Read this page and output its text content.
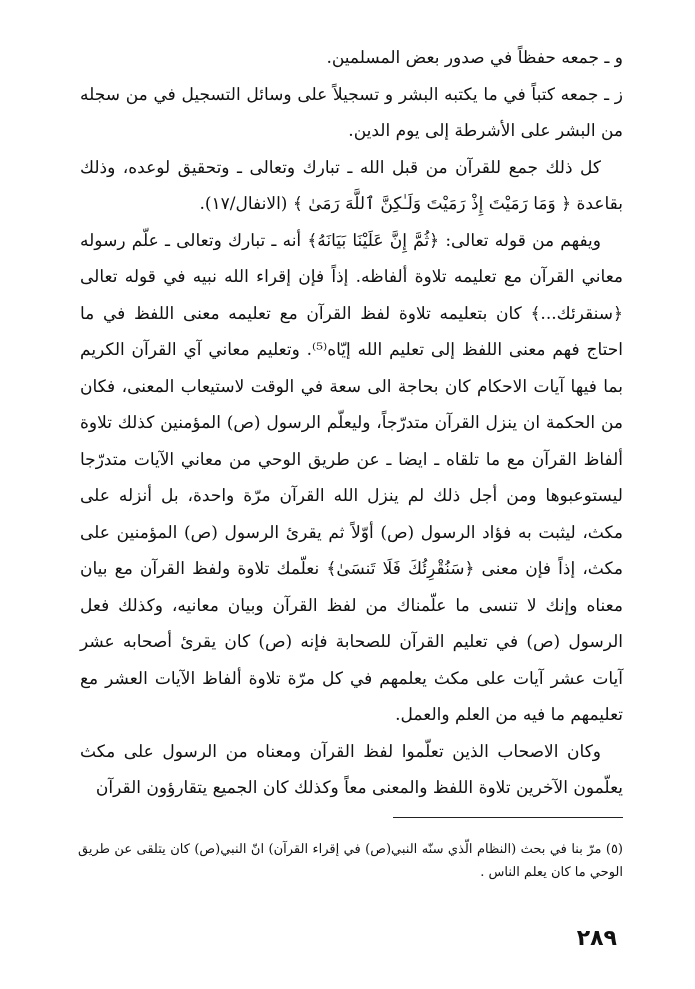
و ـ جمعه حفظاً في صدور بعض المسلمين.

ز ـ جمعه كتباً في ما يكتبه البشر و تسجيلاً على وسائل التسجيل في من سجله من البشر على الأشرطة إلى يوم الدين.

كل ذلك جمع للقرآن من قبل الله ـ تبارك وتعالى ـ وتحقيق لوعده، وذلك بقاعدة ﴿ وَمَا رَمَيْتَ إِذْ رَمَيْتَ وَلَـٰكِنَّ ٱللَّهَ رَمَىٰ ﴾ (الانفال/١٧).

ويفهم من قوله تعالى: ﴿ثُمَّ إِنَّ عَلَيْنَا بَيَانَهُ﴾ أنه ـ تبارك وتعالى ـ علّم رسوله معاني القرآن مع تعليمه تلاوة ألفاظه. إذاً فإن إقراء الله نبيه في قوله تعالى ﴿سنقرئك...﴾ كان بتعليمه تلاوة لفظ القرآن مع تعليمه معنى اللفظ في ما احتاج فهم معنى اللفظ إلى تعليم الله إيّاه⁽⁵⁾. وتعليم معاني آي القرآن الكريم بما فيها آيات الاحكام كان بحاجة الى سعة في الوقت لاستيعاب المعنى، فكان من الحكمة ان ينزل القرآن متدرّجاً، وليعلّم الرسول (ص) المؤمنين كذلك تلاوة ألفاظ القرآن مع ما تلقاه ـ ايضا ـ عن طريق الوحي من معاني الآيات متدرّجا ليستوعبوها ومن أجل ذلك لم ينزل الله القرآن مرّة واحدة، بل أنزله على مكث، ليثبت به فؤاد الرسول (ص) أوّلاً ثم يقرئ الرسول (ص) المؤمنين على مكث، إذاً فإن معنى ﴿سَنُقْرِئُكَ فَلَا تَنسَىٰ﴾ نعلّمك تلاوة ولفظ القرآن مع بيان معناه وإنك لا تنسى ما علّمناك من لفظ القرآن وبيان معانيه، وكذلك فعل الرسول (ص) في تعليم القرآن للصحابة فإنه (ص) كان يقرئ أصحابه عشر آيات عشر آيات على مكث يعلمهم في كل مرّة تلاوة ألفاظ الآيات العشر مع تعليمهم ما فيه من العلم والعمل.

وكان الاصحاب الذين تعلّموا لفظ القرآن ومعناه من الرسول على مكث يعلّمون الآخرين تلاوة اللفظ والمعنى معاً وكذلك كان الجميع يتقارؤون القرآن

(٥) مرّ بنا في بحث (النظام الّذي سنّه النبي(ص) في إقراء القرآن) انّ النبي(ص) كان يتلقى عن طريق الوحي ما كان يعلم الناس .

٢٨٩
